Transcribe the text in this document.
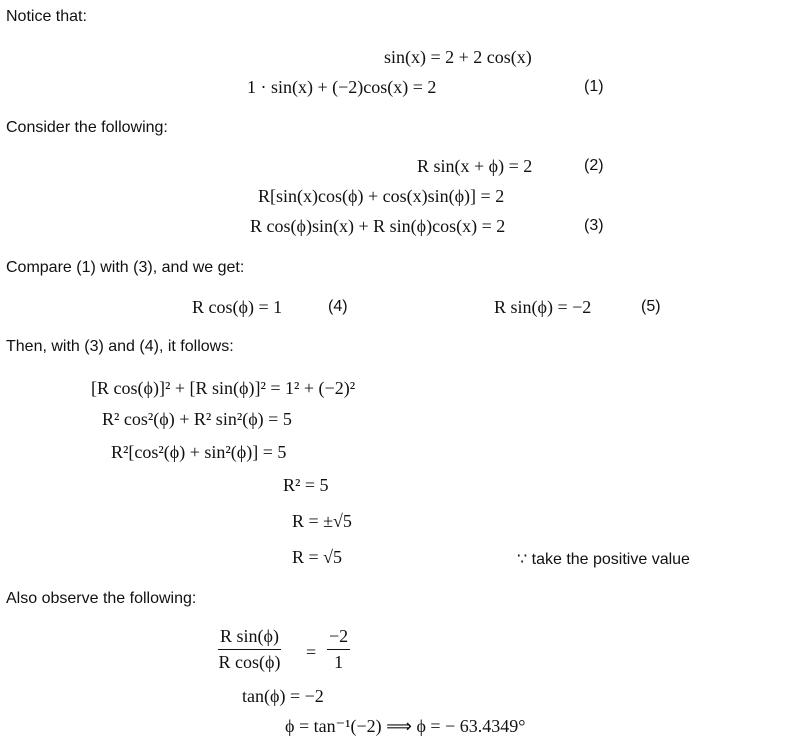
Notice that:
sin(x) = 2 + 2 cos(x)
1 · sin(x) + (−2)cos(x) = 2	(1)
Consider the following:
R sin(x + ϕ) = 2	(2)
R[sin(x)cos(ϕ) + cos(x)sin(ϕ)] = 2
R cos(ϕ)sin(x) + R sin(ϕ)cos(x) = 2	(3)
Compare (1) with (3), and we get:
R cos(ϕ) = 1	(4)	R sin(ϕ) = −2	(5)
Then, with (3) and (4), it follows:
[R cos(ϕ)]² + [R sin(ϕ)]² = 1² + (−2)²
R² cos²(ϕ) + R² sin²(ϕ) = 5
R²[cos²(ϕ) + sin²(ϕ)] = 5
R² = 5
R = ±√5
R = √5	∵ take the positive value
Also observe the following:
R sin(ϕ)
R cos(ϕ) =
−2
1
tan(ϕ) = −2
ϕ = tan⁻¹(−2) ⟹ ϕ = − 63.4349°
